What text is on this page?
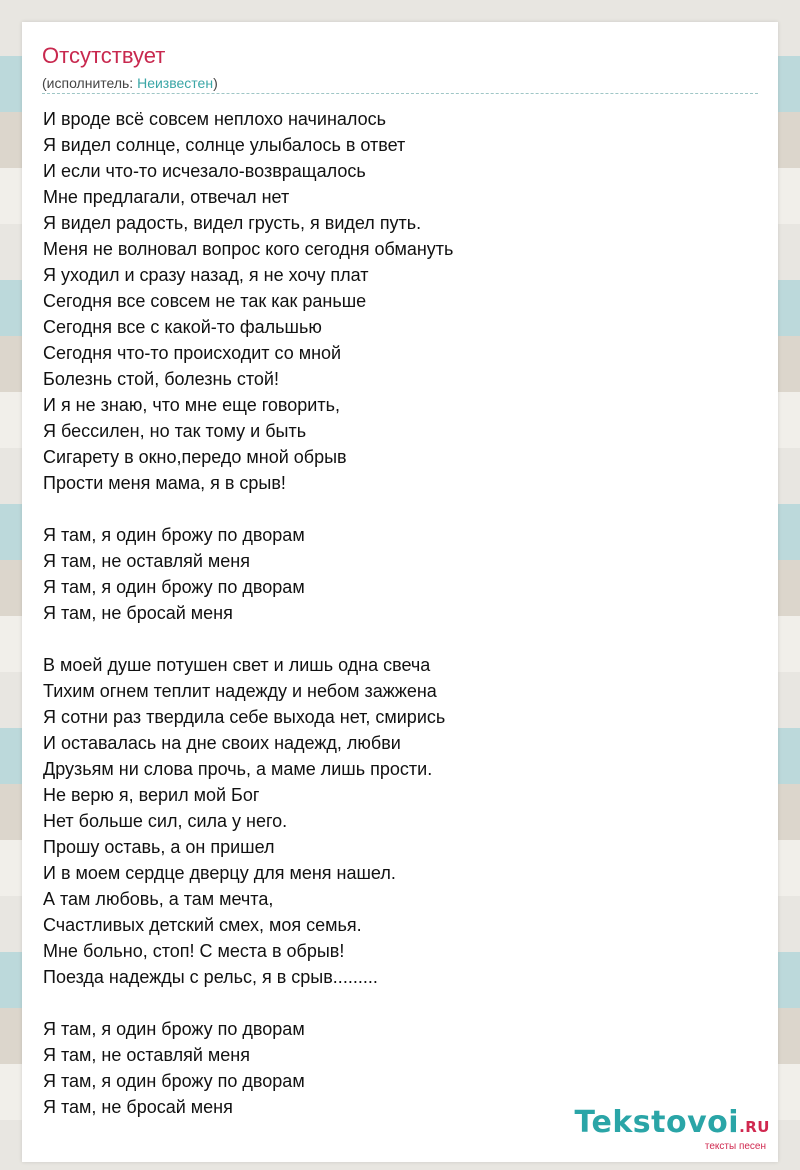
Отсутствует
(исполнитель: Неизвестен)
И вроде всё совсем неплохо начиналось
Я видел солнце, солнце улыбалось в ответ
И если что-то исчезало-возвращалось
Мне предлагали, отвечал нет
Я видел радость, видел грусть, я видел путь.
Меня не волновал вопрос кого сегодня обмануть
Я уходил и сразу назад, я не хочу плат
Сегодня все совсем не так как раньше
Сегодня все с какой-то фальшью
Сегодня что-то происходит со мной
Болезнь стой, болезнь стой!
И я не знаю, что мне еще говорить,
Я бессилен, но так тому и быть
Сигарету в окно,передо мной обрыв
Прости меня мама, я в срыв!
Я там, я один брожу по дворам
Я там, не оставляй меня
Я там, я один брожу по дворам
Я там, не бросай меня
В моей душе потушен свет и лишь одна свеча
Тихим огнем теплит надежду и небом зажжена
Я сотни раз твердила себе выхода нет, смирись
И оставалась на дне своих надежд, любви
Друзьям ни слова прочь, а маме лишь прости.
Не верю я, верил мой Бог
Нет больше сил, сила у него.
Прошу оставь, а он пришел
И в моем сердце дверцу для меня нашел.
А там любовь, а там мечта,
Счастливых детский смех, моя семья.
Мне больно, стоп! С места в обрыв!
Поезда надежды с рельс, я в срыв.........
Я там, я один брожу по дворам
Я там, не оставляй меня
Я там, я один брожу по дворам
Я там, не бросай меня	Tekstovoi.RU
тексты песен
